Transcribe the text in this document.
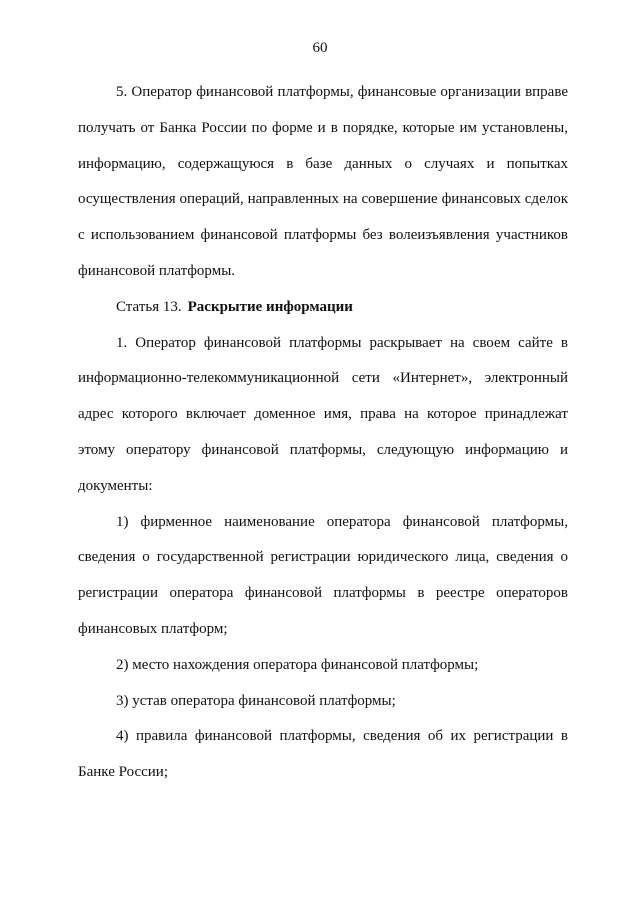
60

5. Оператор финансовой платформы, финансовые организации вправе получать от Банка России по форме и в порядке, которые им установлены, информацию, содержащуюся в базе данных о случаях и попытках осуществления операций, направленных на совершение финансовых сделок с использованием финансовой платформы без волеизъявления участников финансовой платформы.

Статья 13. Раскрытие информации

1. Оператор финансовой платформы раскрывает на своем сайте в информационно-телекоммуникационной сети «Интернет», электронный адрес которого включает доменное имя, права на которое принадлежат этому оператору финансовой платформы, следующую информацию и документы:

1) фирменное наименование оператора финансовой платформы, сведения о государственной регистрации юридического лица, сведения о регистрации оператора финансовой платформы в реестре операторов финансовых платформ;

2) место нахождения оператора финансовой платформы;

3) устав оператора финансовой платформы;

4) правила финансовой платформы, сведения об их регистрации в Банке России;
